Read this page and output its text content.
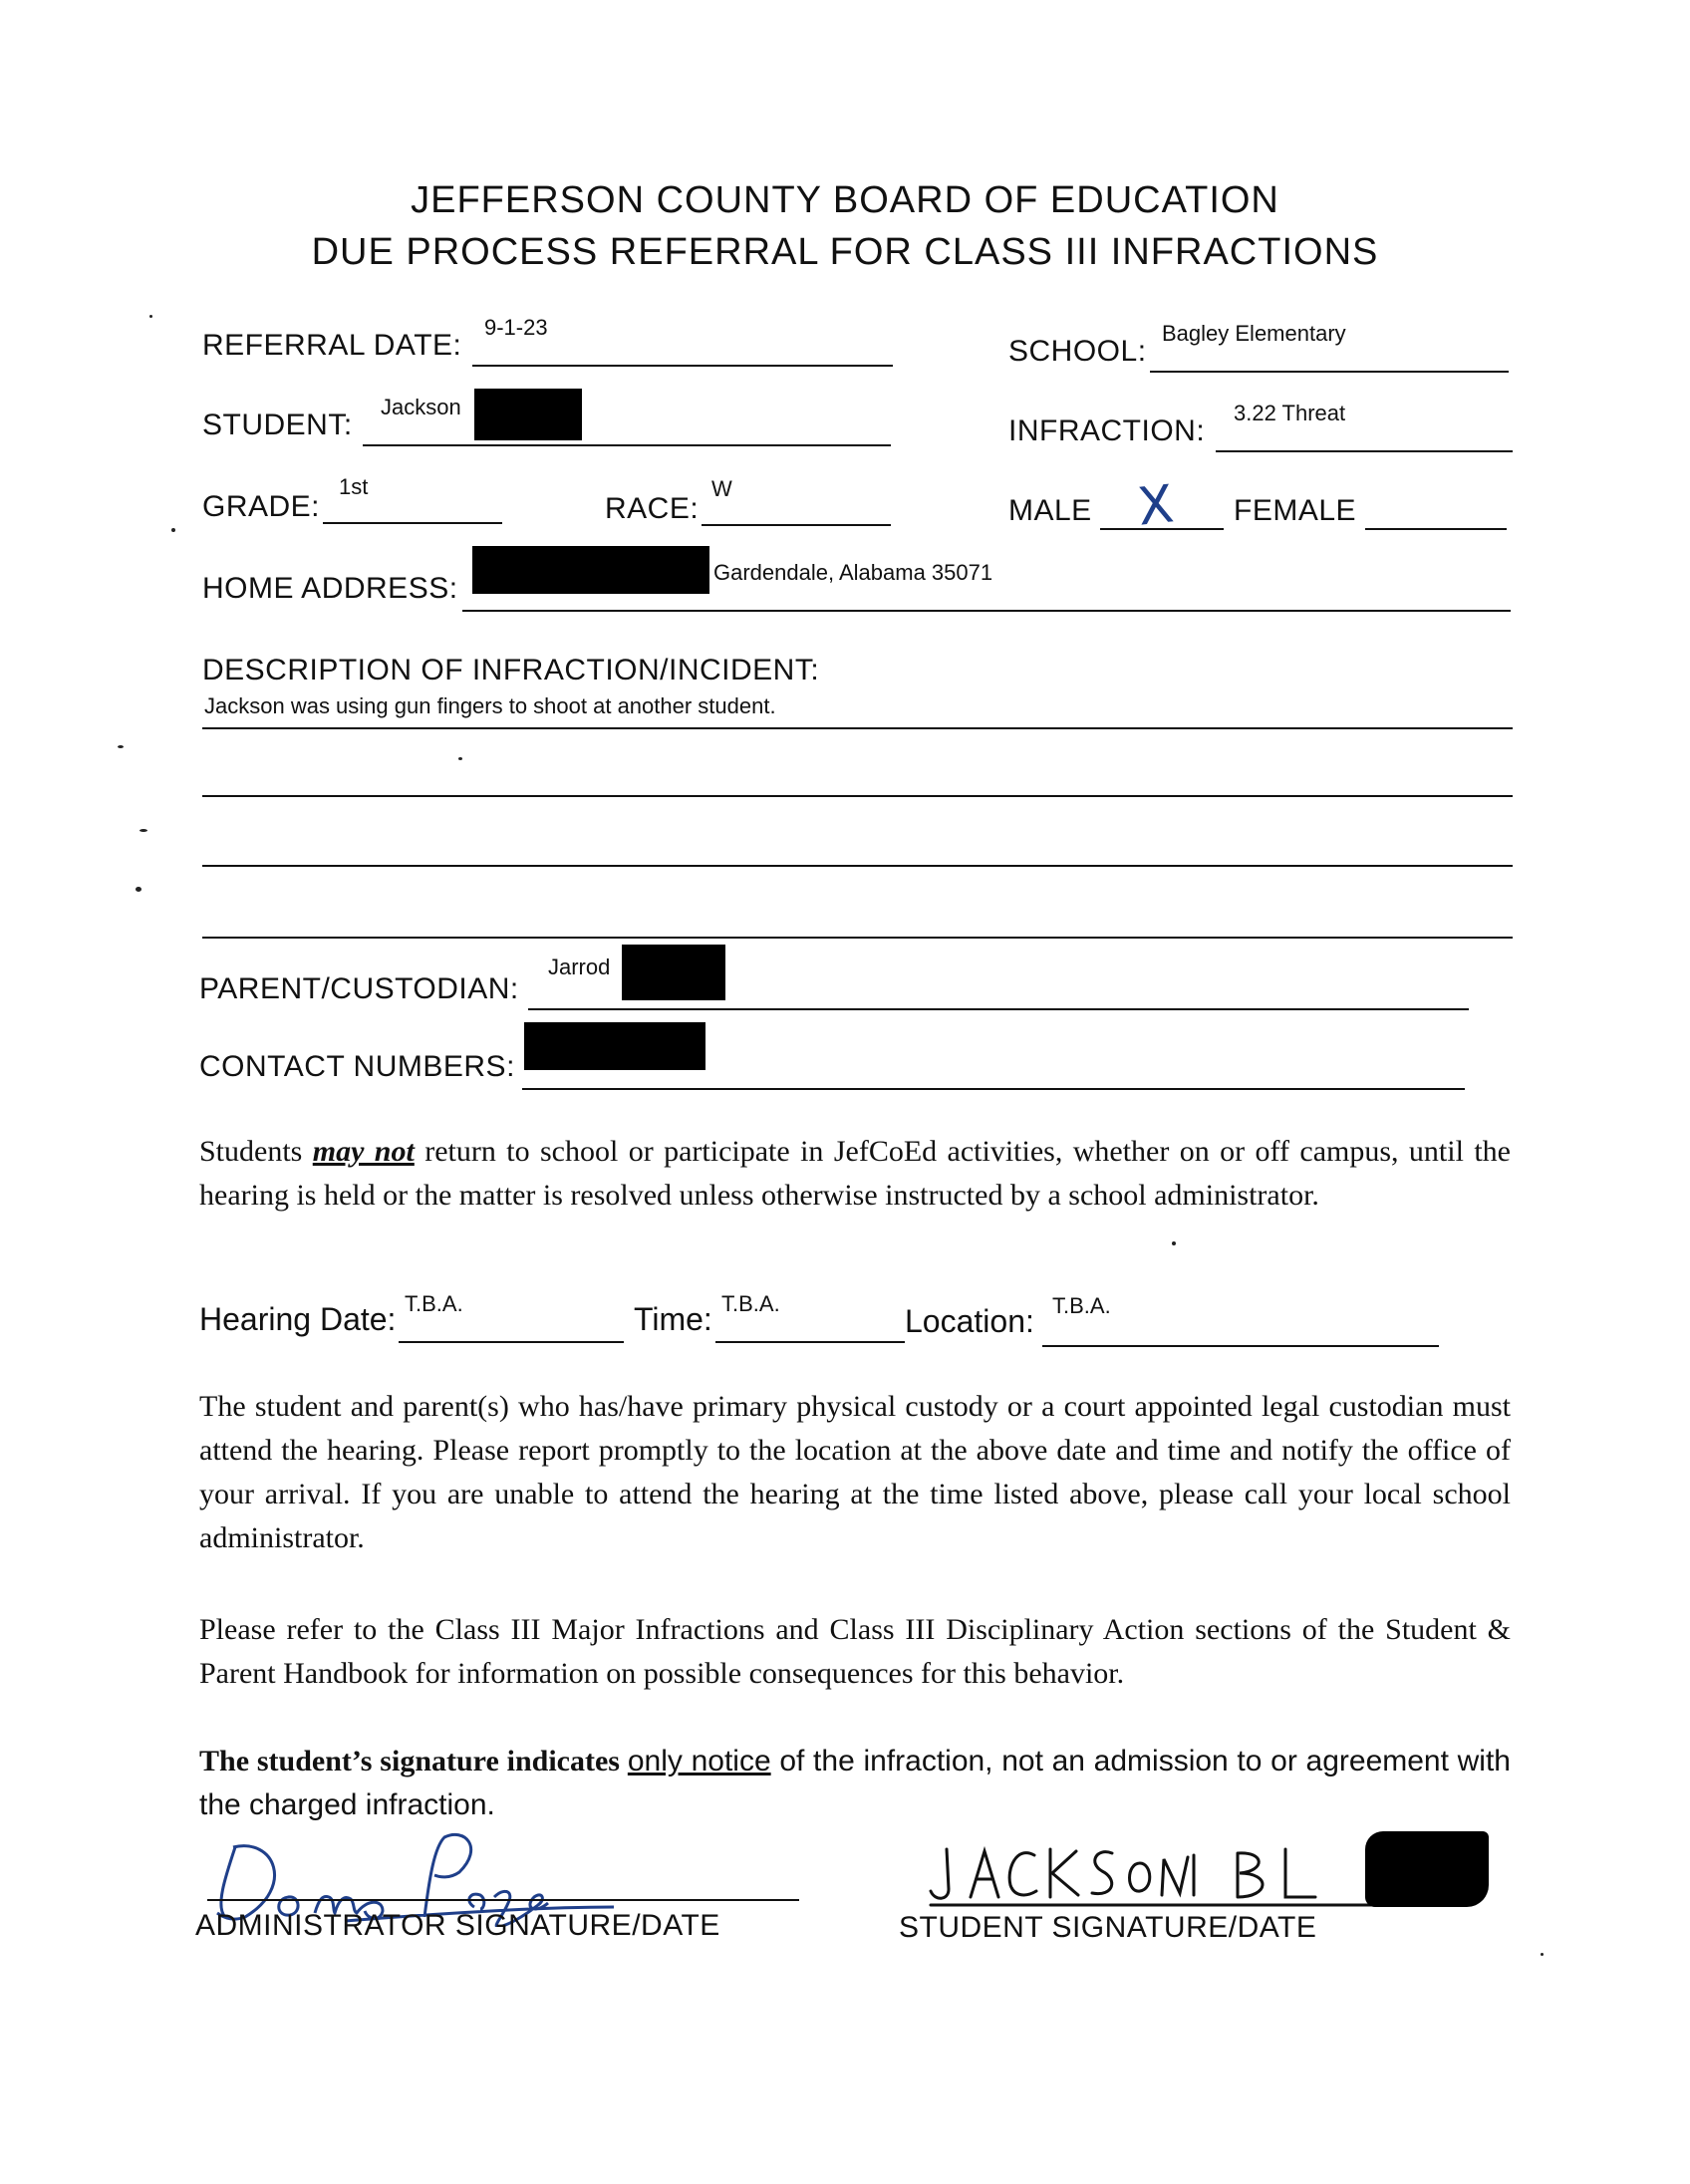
JEFFERSON COUNTY BOARD OF EDUCATION
DUE PROCESS REFERRAL FOR CLASS III INFRACTIONS
REFERRAL DATE:
9-1-23
SCHOOL:
Bagley Elementary
STUDENT:
Jackson
INFRACTION:
3.22 Threat
GRADE:
1st
RACE:
W
MALE X FEMALE
HOME ADDRESS:	Gardendale, Alabama 35071
DESCRIPTION OF INFRACTION/INCIDENT:
Jackson was using gun fingers to shoot at another student.
PARENT/CUSTODIAN:
Jarrod
CONTACT NUMBERS:
Students may not return to school or participate in JefCoEd activities, whether on or off campus, until the hearing is held or the matter is resolved unless otherwise instructed by a school administrator.
Hearing Date: T.B.A.	Time: T.B.A.	Location: T.B.A.
The student and parent(s) who has/have primary physical custody or a court appointed legal custodian must attend the hearing. Please report promptly to the location at the above date and time and notify the office of your arrival. If you are unable to attend the hearing at the time listed above, please call your local school administrator.
Please refer to the Class III Major Infractions and Class III Disciplinary Action sections of the Student & Parent Handbook for information on possible consequences for this behavior.
The student’s signature indicates only notice of the infraction, not an admission to or agreement with the charged infraction.
ADMINISTRATOR SIGNATURE/DATE	STUDENT SIGNATURE/DATE
